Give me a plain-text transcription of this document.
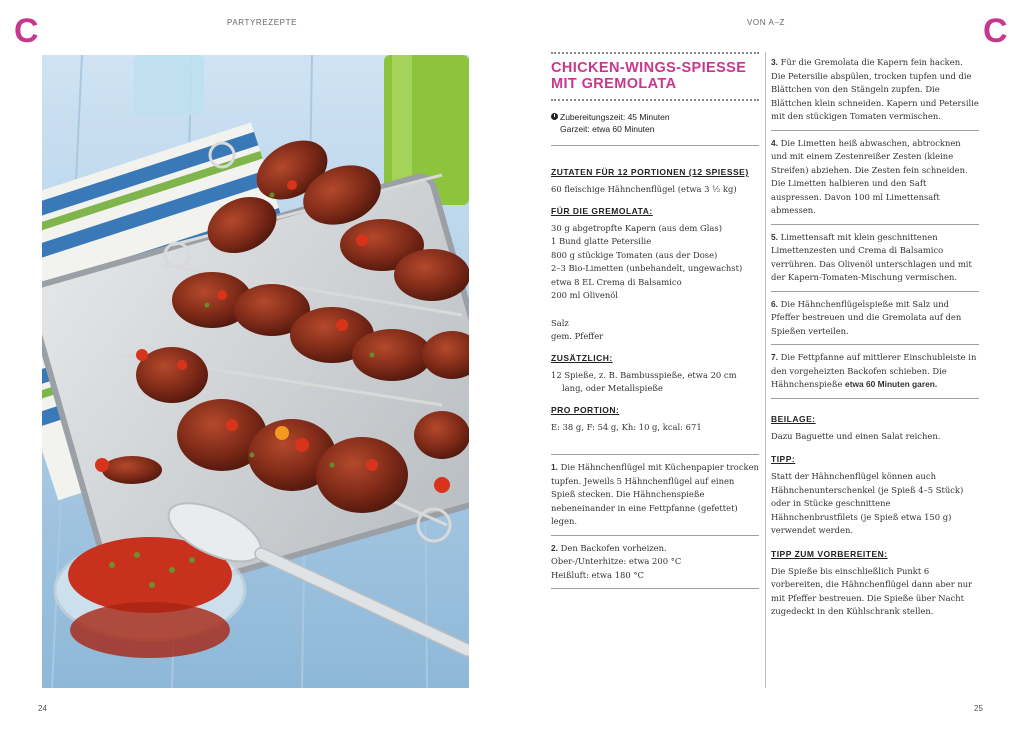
C	C
PARTYREZEPTE	VON A–Z
CHICKEN-WINGS-SPIESSE
MIT GREMOLATA
Zubereitungszeit: 45 Minuten
Garzeit: etwa 60 Minuten
ZUTATEN FÜR 12 PORTIONEN (12 SPIESSE)

60 fleischige Hähnchenflügel (etwa 3 ½ kg)

FÜR DIE GREMOLATA:

30 g abgetropfte Kapern (aus dem Glas)

1 Bund glatte Petersilie

800 g stückige Tomaten (aus der Dose)

2–3 Bio-Limetten (unbehandelt, ungewachst)

etwa 8 EL Crema di Balsamico

200 ml Olivenöl

Salz

gem. Pfeffer

ZUSÄTZLICH:

12 Spieße, z. B. Bambusspieße, etwa 20 cm lang, oder Metallspieße

PRO PORTION:

E: 38 g, F: 54 g, Kh: 10 g, kcal: 671

1. Die Hähnchenflügel mit Küchenpapier trocken tupfen. Jeweils 5 Hähnchenflügel auf einen Spieß stecken. Die Hähnchenspieße nebeneinander in eine Fettpfanne (gefettet) legen.
2. Den Backofen vorheizen.
Ober-/Unterhitze: etwa 200 °C
Heißluft: etwa 180 °C
3. Für die Gremolata die Kapern fein hacken. Die Petersilie abspülen, trocken tupfen und die Blättchen von den Stängeln zupfen. Die Blättchen klein schneiden. Kapern und Petersilie mit den stückigen Tomaten vermischen.
4. Die Limetten heiß abwaschen, abtrocknen und mit einem Zestenreißer Zesten (kleine Streifen) abziehen. Die Zesten fein schneiden. Die Limetten halbieren und den Saft auspressen. Davon 100 ml Limettensaft abmessen.
5. Limettensaft mit klein geschnittenen Limettenzesten und Crema di Balsamico verrühren. Das Olivenöl unterschlagen und mit der Kapern-Tomaten-Mischung vermischen.
6. Die Hähnchenflügelspieße mit Salz und Pfeffer bestreuen und die Gremolata auf den Spießen verteilen.
7. Die Fettpfanne auf mittlerer Einschubleiste in den vorgeheizten Backofen schieben. Die Hähnchenspieße etwa 60 Minuten garen.
BEILAGE:

Dazu Baguette und einen Salat reichen.

TIPP:

Statt der Hähnchenflügel können auch Hähnchenunterschenkel (je Spieß 4–5 Stück) oder in Stücke geschnittene Hähnchenbrustfilets (je Spieß etwa 150 g) verwendet werden.

TIPP ZUM VORBEREITEN:

Die Spieße bis einschließlich Punkt 6 vorbereiten, die Hähnchenflügel dann aber nur mit Pfeffer bestreuen. Die Spieße über Nacht zugedeckt in den Kühlschrank stellen.

24	25
